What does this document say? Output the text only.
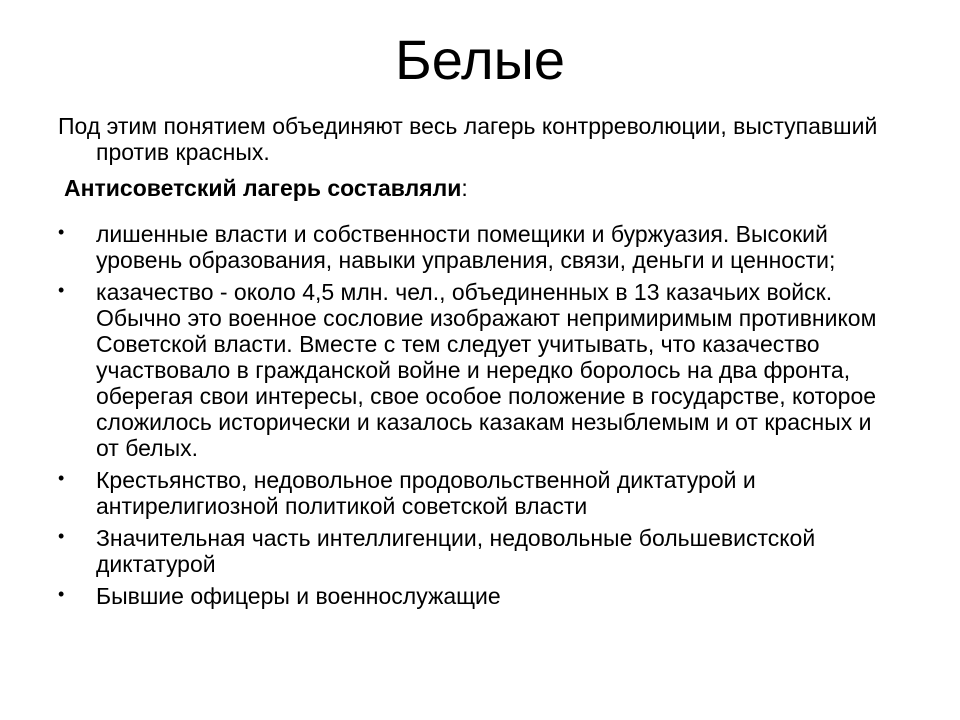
Белые
Под этим понятием объединяют весь лагерь контрреволюции, выступавший против красных.
Антисоветский лагерь составляли:
• лишенные власти и собственности помещики и буржуазия. Высокий уровень образования, навыки управления, связи, деньги и ценности;
• казачество - около 4,5 млн. чел., объединенных в 13 казачьих войск. Обычно это военное сословие изображают непримиримым противником Советской власти. Вместе с тем следует учитывать, что казачество участвовало в гражданской войне и нередко боролось на два фронта, оберегая свои интересы, свое особое положение в государстве, которое сложилось исторически и казалось казакам незыблемым и от красных и от белых.
• Крестьянство, недовольное продовольственной диктатурой и антирелигиозной политикой советской власти
• Значительная часть интеллигенции, недовольные большевистской диктатурой
• Бывшие офицеры и военнослужащие
